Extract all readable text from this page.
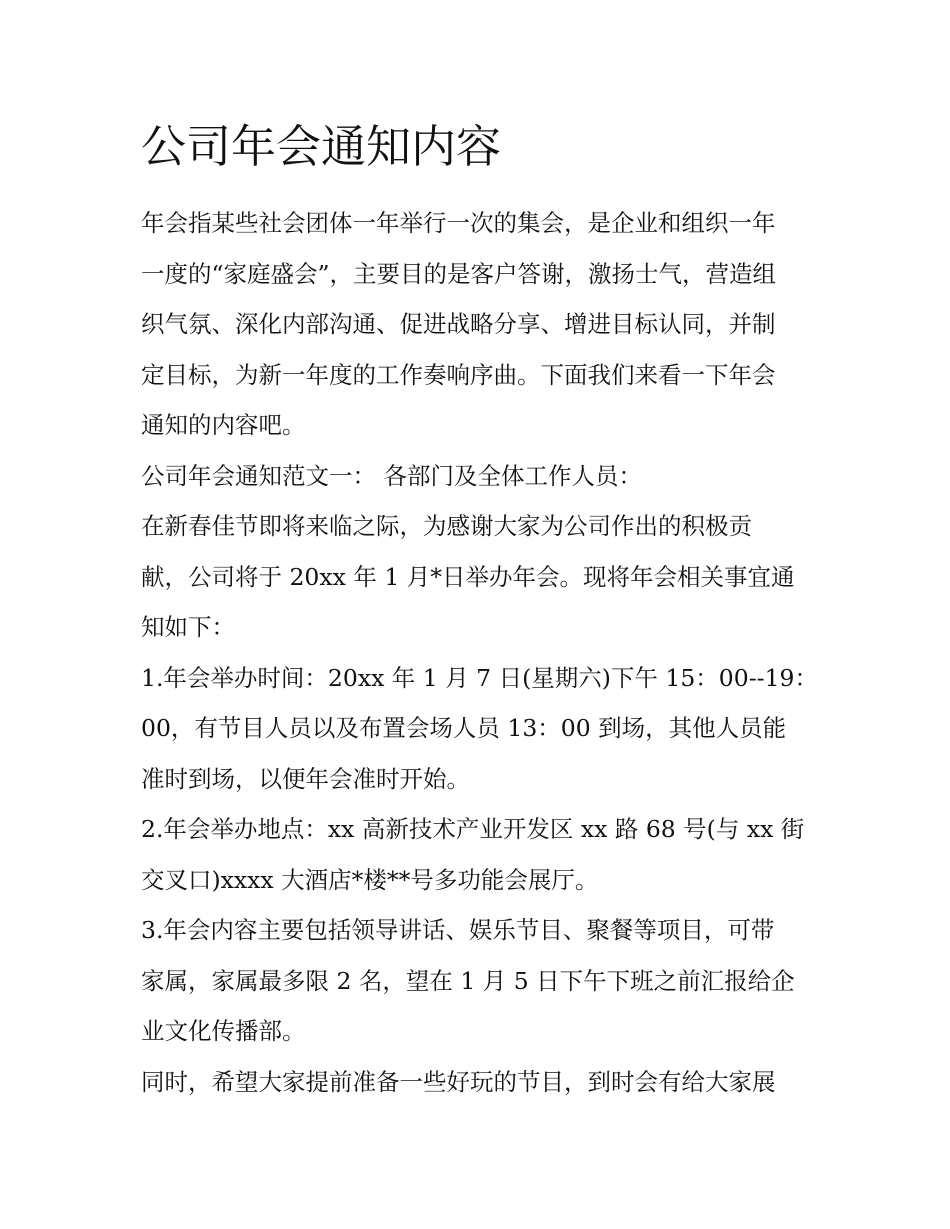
公司年会通知内容
年会指某些社会团体一年举行一次的集会，是企业和组织一年
一度的“家庭盛会”，主要目的是客户答谢，激扬士气，营造组
织气氛、深化内部沟通、促进战略分享、增进目标认同，并制
定目标，为新一年度的工作奏响序曲。下面我们来看一下年会
通知的内容吧。
公司年会通知范文一： 各部门及全体工作人员：
在新春佳节即将来临之际，为感谢大家为公司作出的积极贡
献，公司将于 20xx 年 1 月*日举办年会。现将年会相关事宜通
知如下：
1.年会举办时间：20xx 年 1 月 7 日(星期六)下午 15：00--19：
00，有节目人员以及布置会场人员 13：00 到场，其他人员能
准时到场，以便年会准时开始。
2.年会举办地点：xx 高新技术产业开发区 xx 路 68 号(与 xx 街
交叉口)xxxx 大酒店*楼**号多功能会展厅。
3.年会内容主要包括领导讲话、娱乐节目、聚餐等项目，可带
家属，家属最多限 2 名，望在 1 月 5 日下午下班之前汇报给企
业文化传播部。
同时，希望大家提前准备一些好玩的节目，到时会有给大家展
